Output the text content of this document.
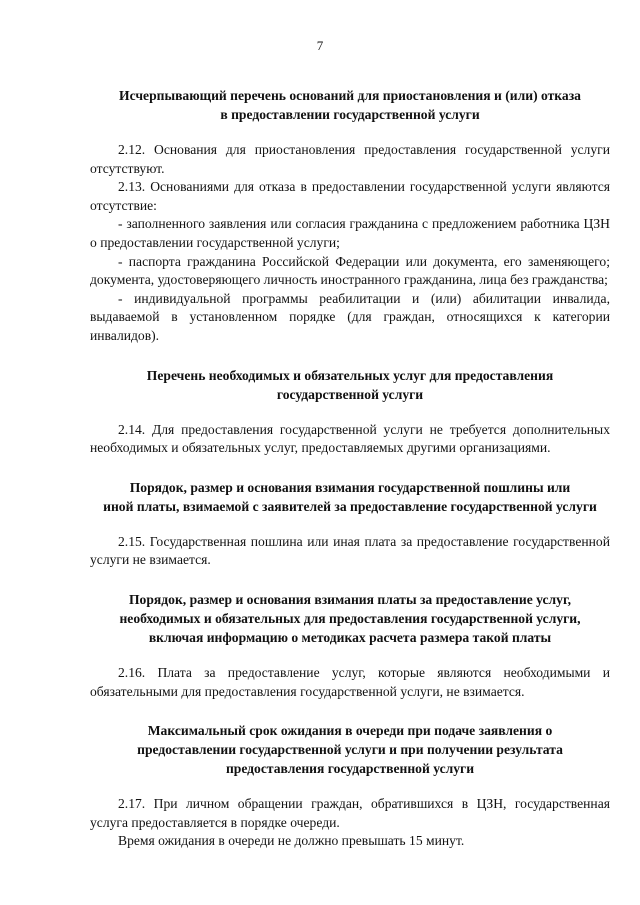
7
Исчерпывающий перечень оснований для приостановления и (или) отказа
в предоставлении государственной услуги

2.12. Основания для приостановления предоставления государственной услуги отсутствуют.

2.13. Основаниями для отказа в предоставлении государственной услуги являются отсутствие:

- заполненного заявления или согласия гражданина с предложением работника ЦЗН о предоставлении государственной услуги;

- паспорта гражданина Российской Федерации или документа, его заменяющего; документа, удостоверяющего личность иностранного гражданина, лица без гражданства;

- индивидуальной программы реабилитации и (или) абилитации инвалида, выдаваемой в установленном порядке (для граждан, относящихся к категории инвалидов).

Перечень необходимых и обязательных услуг для предоставления
государственной услуги

2.14. Для предоставления государственной услуги не требуется дополнительных необходимых и обязательных услуг, предоставляемых другими организациями.

Порядок, размер и основания взимания государственной пошлины или
иной платы, взимаемой с заявителей за предоставление государственной услуги

2.15. Государственная пошлина или иная плата за предоставление государственной услуги не взимается.

Порядок, размер и основания взимания платы за предоставление услуг,
необходимых и обязательных для предоставления государственной услуги,
включая информацию о методиках расчета размера такой платы

2.16. Плата за предоставление услуг, которые являются необходимыми и обязательными для предоставления государственной услуги, не взимается.

Максимальный срок ожидания в очереди при подаче заявления о
предоставлении государственной услуги и при получении результата
предоставления государственной услуги

2.17. При личном обращении граждан, обратившихся в ЦЗН, государственная услуга предоставляется в порядке очереди.

Время ожидания в очереди не должно превышать 15 минут.
